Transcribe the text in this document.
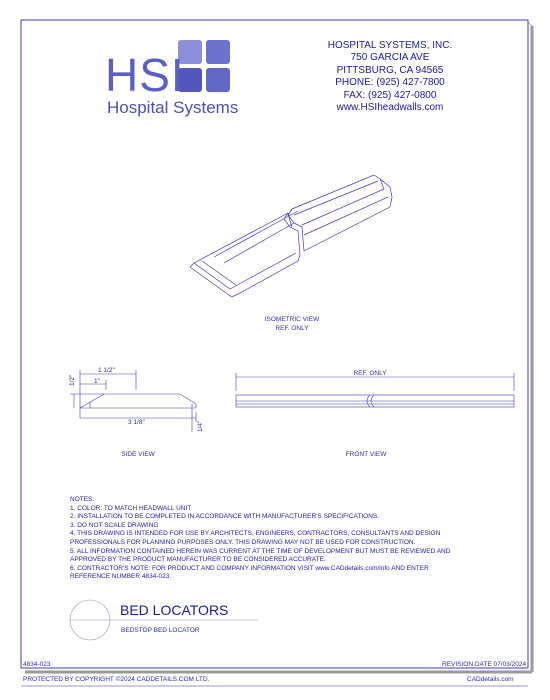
HSI
Hospital Systems
HOSPITAL SYSTEMS, INC.
750 GARCIA AVE
PITTSBURG, CA 94565
PHONE: (925) 427-7800
FAX: (925) 427-0800
www.HSIheadwalls.com
ISOMETRIC VIEW
REF. ONLY
1 1/2"
1"
1/2"
3 1/8"	1/4"
SIDE VIEW
REF. ONLY
FRONT VIEW
NOTES:
1. COLOR: TO MATCH HEADWALL UNIT
2. INSTALLATION TO BE COMPLETED IN ACCORDANCE WITH MANUFACTURER'S SPECIFICATIONS.
3. DO NOT SCALE DRAWING
4. THIS DRAWING IS INTENDED FOR USE BY ARCHITECTS, ENGINEERS, CONTRACTORS, CONSULTANTS AND DESIGN
PROFESSIONALS FOR PLANNING PURPOSES ONLY. THIS DRAWING MAY NOT BE USED FOR CONSTRUCTION.
5. ALL INFORMATION CONTAINED HEREIN WAS CURRENT AT THE TIME OF DEVELOPMENT BUT MUST BE REVIEWED AND
APPROVED BY THE PRODUCT MANUFACTURER TO BE CONSIDERED ACCURATE.
6. CONTRACTOR'S NOTE: FOR PRODUCT AND COMPANY INFORMATION VISIT www.CADdetails.com/info AND ENTER
REFERENCE NUMBER 4834-023.
BED LOCATORS
BEDSTOP BED LOCATOR
4834-023	REVISION DATE 07/03/2024
PROTECTED BY COPYRIGHT ©2024 CADDETAILS.COM LTD.	CADdetails.com
